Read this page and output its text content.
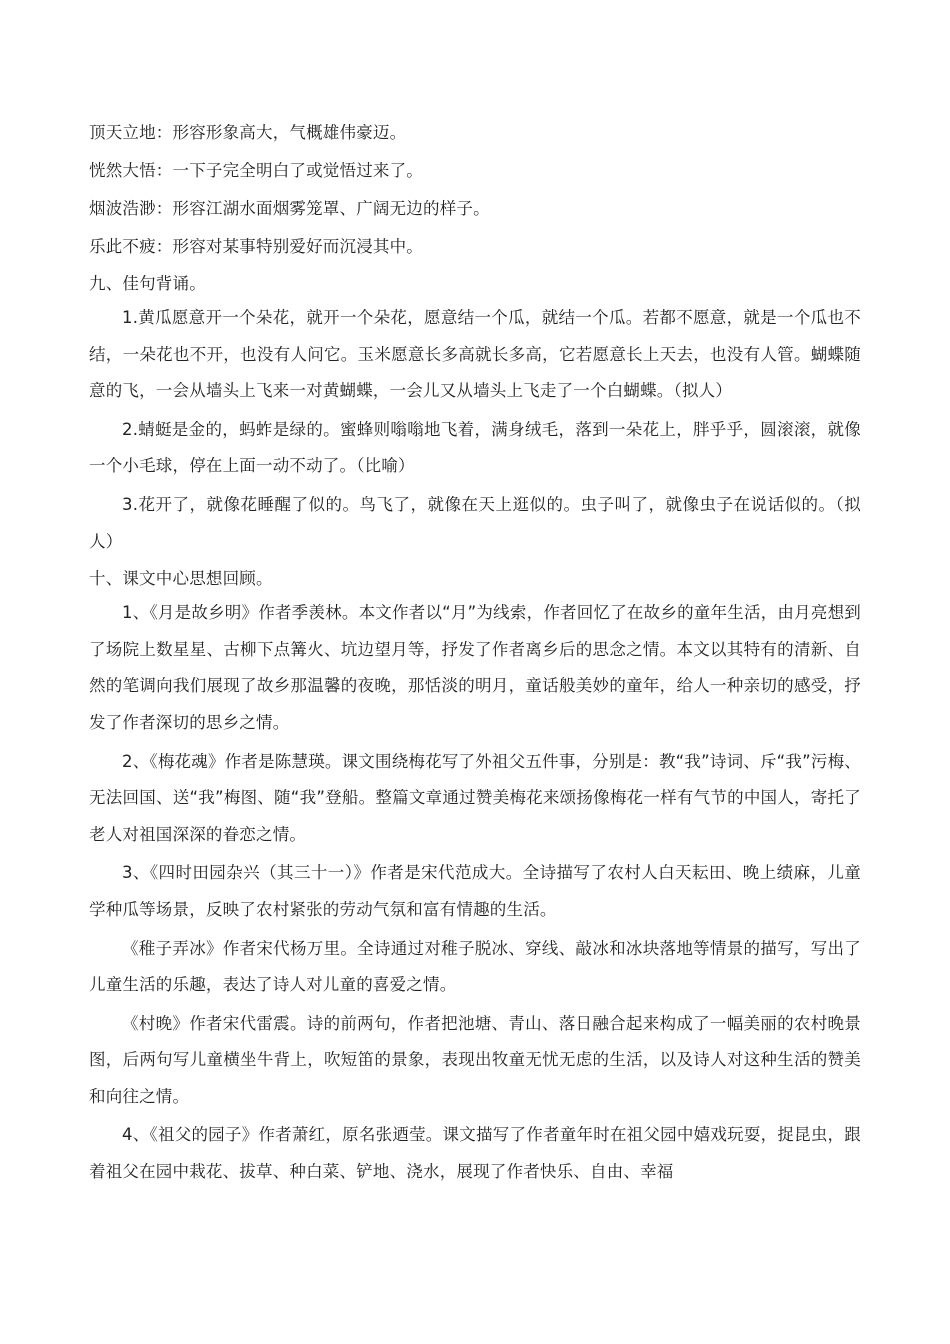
顶天立地：形容形象高大，气概雄伟豪迈。
恍然大悟：一下子完全明白了或觉悟过来了。
烟波浩渺：形容江湖水面烟雾笼罩、广阔无边的样子。
乐此不疲：形容对某事特别爱好而沉浸其中。
九、佳句背诵。
1.黄瓜愿意开一个朵花，就开一个朵花，愿意结一个瓜，就结一个瓜。若都不愿意，就是一个瓜也不结，一朵花也不开，也没有人问它。玉米愿意长多高就长多高，它若愿意长上天去，也没有人管。蝴蝶随意的飞，一会从墙头上飞来一对黄蝴蝶，一会儿又从墙头上飞走了一个白蝴蝶。（拟人）
2.蜻蜓是金的，蚂蚱是绿的。蜜蜂则嗡嗡地飞着，满身绒毛，落到一朵花上，胖乎乎，圆滚滚，就像一个小毛球，停在上面一动不动了。（比喻）
3.花开了，就像花睡醒了似的。鸟飞了，就像在天上逛似的。虫子叫了，就像虫子在说话似的。（拟人）
十、课文中心思想回顾。
1、《月是故乡明》作者季羡林。本文作者以“月”为线索，作者回忆了在故乡的童年生活，由月亮想到了场院上数星星、古柳下点篝火、坑边望月等，抒发了作者离乡后的思念之情。本文以其特有的清新、自然的笔调向我们展现了故乡那温馨的夜晚，那恬淡的明月，童话般美妙的童年，给人一种亲切的感受，抒发了作者深切的思乡之情。
2、《梅花魂》作者是陈慧瑛。课文围绕梅花写了外祖父五件事，分别是：教“我”诗词、斥“我”污梅、无法回国、送“我”梅图、随“我”登船。整篇文章通过赞美梅花来颂扬像梅花一样有气节的中国人，寄托了老人对祖国深深的眷恋之情。
3、《四时田园杂兴（其三十一）》作者是宋代范成大。全诗描写了农村人白天耘田、晚上绩麻，儿童学种瓜等场景，反映了农村紧张的劳动气氛和富有情趣的生活。
《稚子弄冰》作者宋代杨万里。全诗通过对稚子脱冰、穿线、敲冰和冰块落地等情景的描写，写出了儿童生活的乐趣，表达了诗人对儿童的喜爱之情。
《村晚》作者宋代雷震。诗的前两句，作者把池塘、青山、落日融合起来构成了一幅美丽的农村晚景图，后两句写儿童横坐牛背上，吹短笛的景象，表现出牧童无忧无虑的生活，以及诗人对这种生活的赞美和向往之情。
4、《祖父的园子》作者萧红，原名张迺莹。课文描写了作者童年时在祖父园中嬉戏玩耍，捉昆虫，跟着祖父在园中栽花、拔草、种白菜、铲地、浇水，展现了作者快乐、自由、幸福
